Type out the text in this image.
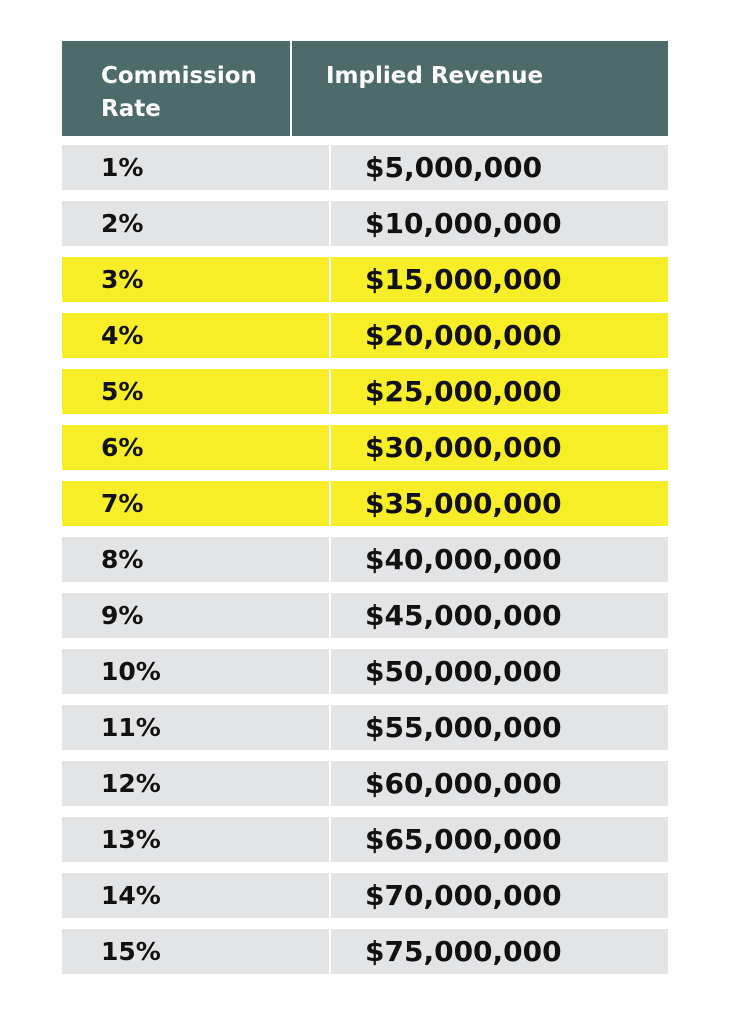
Commission Rate
Implied Revenue
1%	$5,000,000
2%	$10,000,000
3%	$15,000,000
4%	$20,000,000
5%	$25,000,000
6%	$30,000,000
7%	$35,000,000
8%	$40,000,000
9%	$45,000,000
10%	$50,000,000
11%	$55,000,000
12%	$60,000,000
13%	$65,000,000
14%	$70,000,000
15%	$75,000,000
